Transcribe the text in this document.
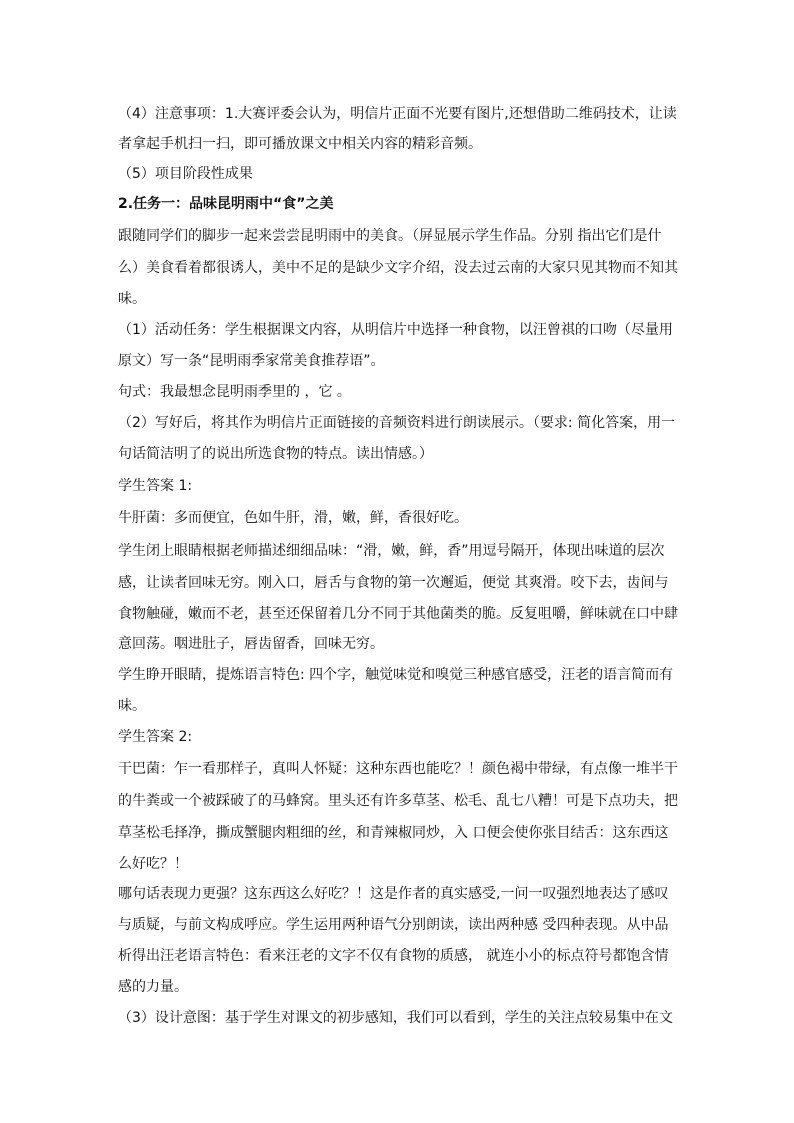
（4）注意事项：1.大赛评委会认为，明信片正面不光要有图片,还想借助二维码技术，让读
者拿起手机扫一扫，即可播放课文中相关内容的精彩音频。
（5）项目阶段性成果
2.任务一：品味昆明雨中“食”之美
跟随同学们的脚步一起来尝尝昆明雨中的美食。（屏显展示学生作品。分别 指出它们是什
么）美食看着都很诱人，美中不足的是缺少文字介绍，没去过云南的大家只见其物而不知其
味。
（1）活动任务：学生根据课文内容，从明信片中选择一种食物，以汪曾祺的口吻（尽量用
原文）写一条“昆明雨季家常美食推荐语”。
句式：我最想念昆明雨季里的 ，它 。
（2）写好后，将其作为明信片正面链接的音频资料进行朗读展示。（要求: 简化答案，用一
句话简洁明了的说出所选食物的特点。读出情感。）
学生答案 1:
牛肝菌：多而便宜，色如牛肝，滑，嫩，鲜，香很好吃。
学生闭上眼睛根据老师描述细细品味：“滑，嫩，鲜，香”用逗号隔开，体现出味道的层次
感，让读者回味无穷。刚入口，唇舌与食物的第一次邂逅，便觉 其爽滑。咬下去，齿间与
食物触碰，嫩而不老，甚至还保留着几分不同于其他菌类的脆。反复咀嚼，鲜味就在口中肆
意回荡。咽进肚子，唇齿留香，回味无穷。
学生睁开眼睛，提炼语言特色: 四个字，触觉味觉和嗅觉三种感官感受，汪老的语言简而有
味。
学生答案 2:
干巴菌：乍一看那样子，真叫人怀疑：这种东西也能吃？！颜色褐中带绿，有点像一堆半干
的牛粪或一个被踩破了的马蜂窝。里头还有许多草茎、松毛、乱七八糟！可是下点功夫，把
草茎松毛择净，撕成蟹腿肉粗细的丝，和青辣椒同炒，入 口便会使你张目结舌：这东西这
么好吃？！
哪句话表现力更强？这东西这么好吃？！这是作者的真实感受,一问一叹强烈地表达了感叹
与质疑，与前文构成呼应。学生运用两种语气分别朗读，读出两种感 受四种表现。从中品
析得出汪老语言特色：看来汪老的文字不仅有食物的质感， 就连小小的标点符号都饱含情
感的力量。
（3）设计意图：基于学生对课文的初步感知，我们可以看到，学生的关注点较易集中在文
